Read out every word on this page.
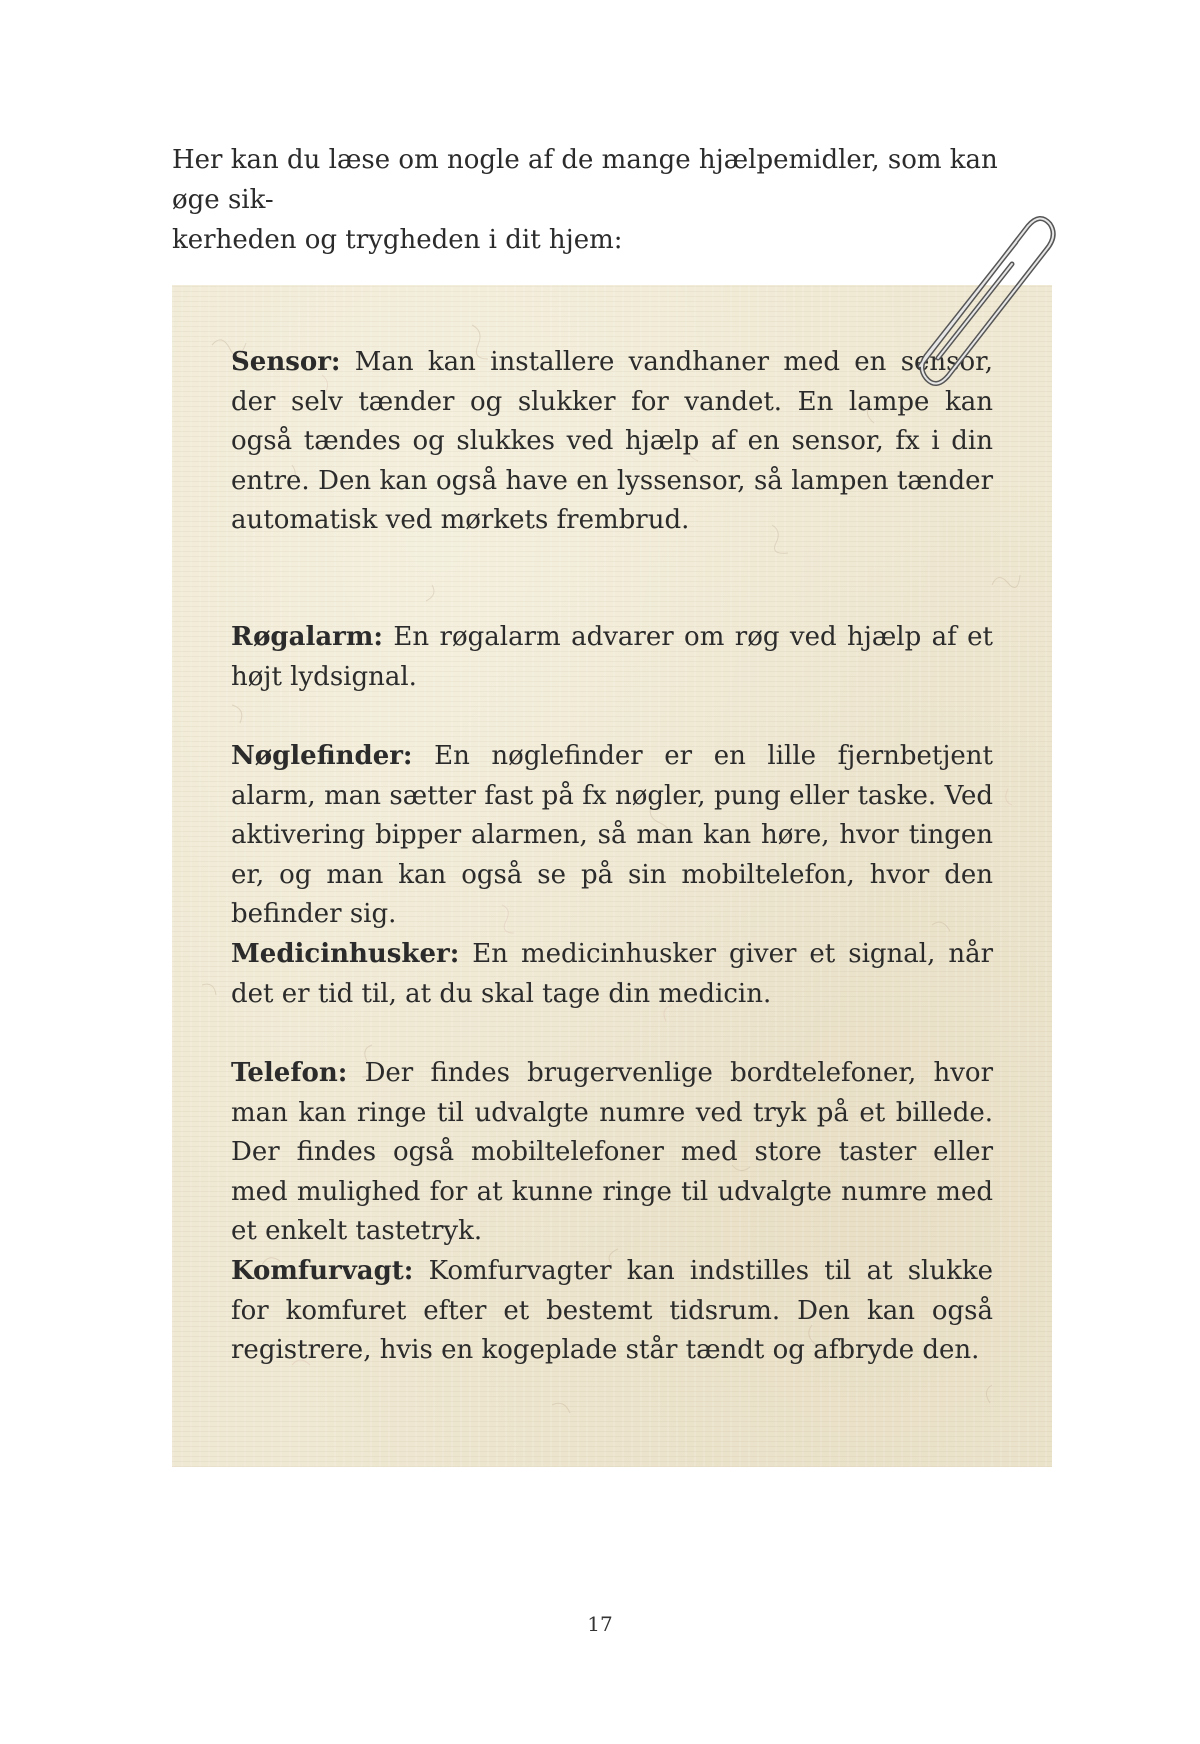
Her kan du læse om nogle af de mange hjælpemidler, som kan øge sik-
kerheden og trygheden i dit hjem:

Sensor: Man kan installere vandhaner med en sensor, der selv tænder og slukker for vandet. En lampe kan også tændes og slukkes ved hjælp af en sensor, fx i din entre. Den kan også have en lyssensor, så lampen tænder automatisk ved mørkets frembrud.

Røgalarm: En røgalarm advarer om røg ved hjælp af et højt lydsignal.

Nøglefinder: En nøglefinder er en lille fjernbetjent alarm, man sætter fast på fx nøgler, pung eller taske. Ved aktivering bipper alarmen, så man kan høre, hvor tingen er, og man kan også se på sin mobiltelefon, hvor den befinder sig.

Medicinhusker: En medicinhusker giver et signal, når det er tid til, at du skal tage din medicin.

Telefon: Der findes brugervenlige bordtelefoner, hvor man kan ringe til udvalgte numre ved tryk på et billede. Der findes også mobiltelefoner med store taster eller med mulighed for at kunne ringe til udvalgte numre med et enkelt tastetryk.

Komfurvagt: Komfurvagter kan indstilles til at slukke for komfuret efter et bestemt tidsrum. Den kan også registrere, hvis en kogeplade står tændt og afbryde den.

17
